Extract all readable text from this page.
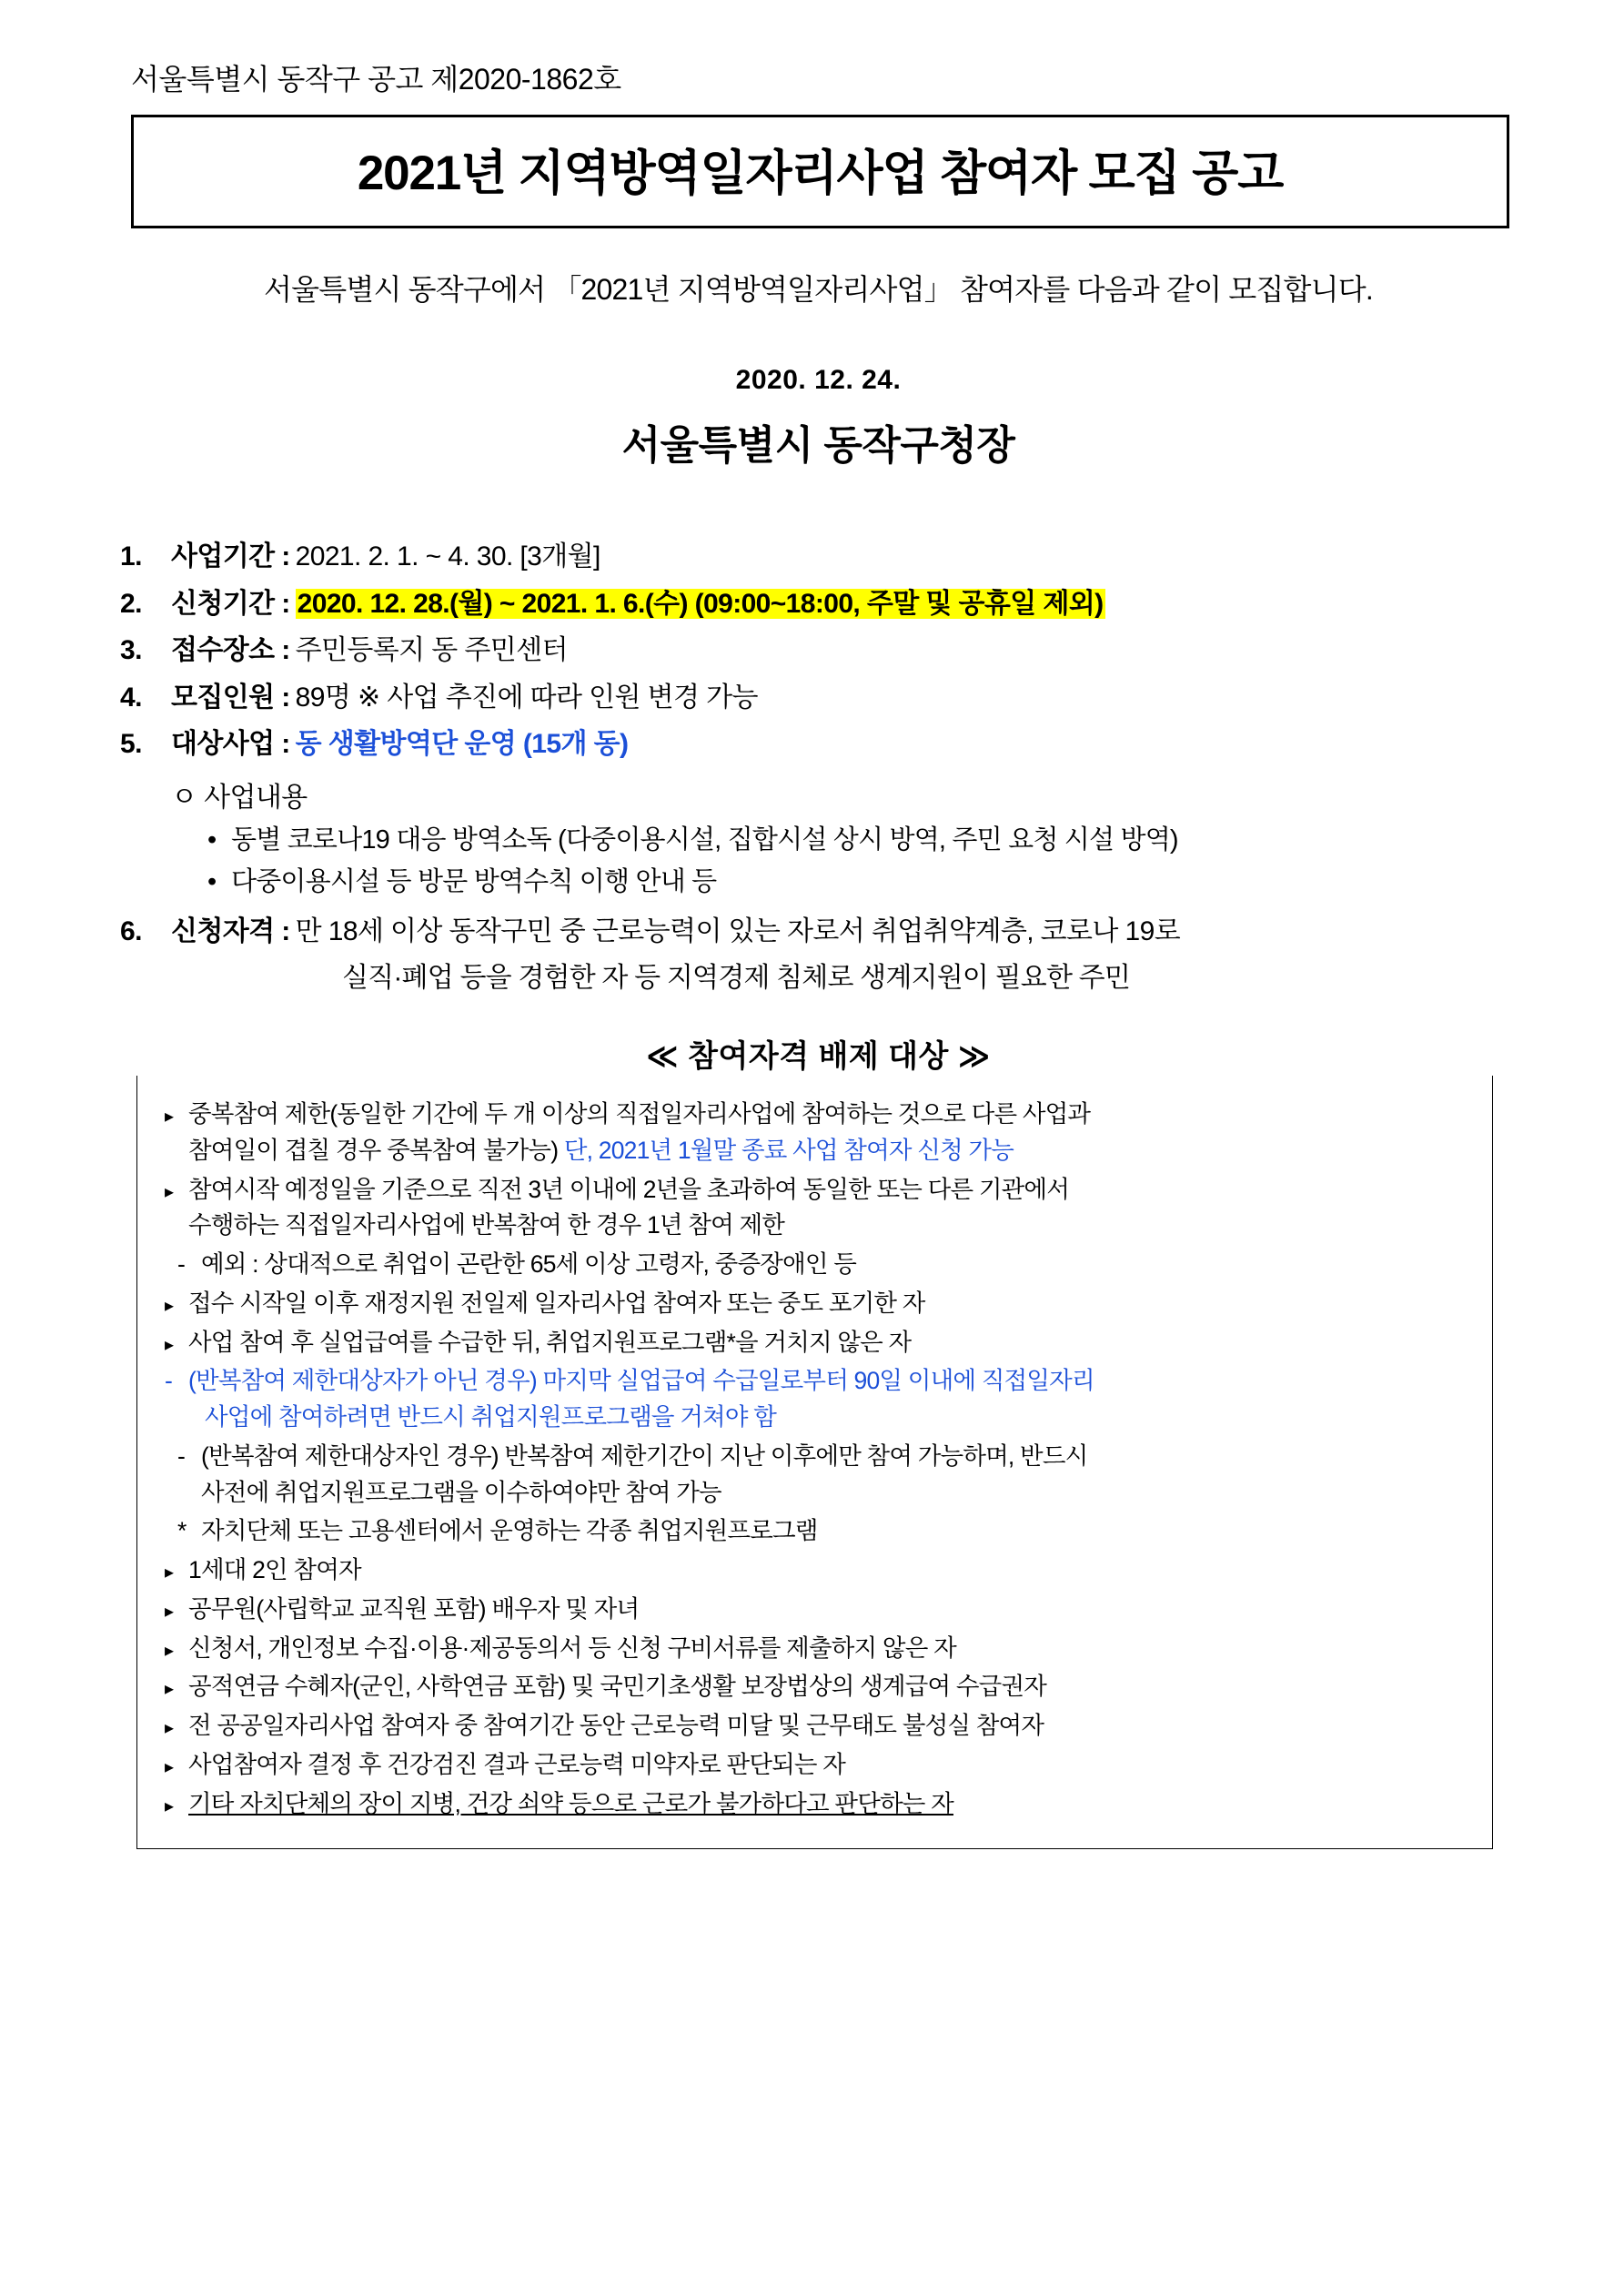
서울특별시 동작구 공고 제2020-1862호
2021년 지역방역일자리사업 참여자 모집 공고
서울특별시 동작구에서 「2021년 지역방역일자리사업」 참여자를 다음과 같이 모집합니다.
2020. 12. 24.
서울특별시 동작구청장
1.	사업기간 : 2021. 2. 1. ~ 4. 30. [3개월]
2.	신청기간 : 2020. 12. 28.(월) ~ 2021. 1. 6.(수) (09:00~18:00, 주말 및 공휴일 제외)
3.	접수장소 : 주민등록지 동 주민센터
4.	모집인원 : 89명 ※ 사업 추진에 따라 인원 변경 가능
5.	대상사업 : 동 생활방역단 운영 (15개 동)
ㅇ 사업내용
• 동별 코로나19 대응 방역소독 (다중이용시설, 집합시설 상시 방역, 주민 요청 시설 방역)
• 다중이용시설 등 방문 방역수칙 이행 안내 등
6.	신청자격 : 만 18세 이상 동작구민 중 근로능력이 있는 자로서 취업취약계층, 코로나 19로
실직·폐업 등을 경험한 자 등 지역경제 침체로 생계지원이 필요한 주민
≪ 참여자격 배제 대상 ≫
▸ 중복참여 제한(동일한 기간에 두 개 이상의 직접일자리사업에 참여하는 것으로 다른 사업과
참여일이 겹칠 경우 중복참여 불가능) 단, 2021년 1월말 종료 사업 참여자 신청 가능
▸ 참여시작 예정일을 기준으로 직전 3년 이내에 2년을 초과하여 동일한 또는 다른 기관에서
수행하는 직접일자리사업에 반복참여 한 경우 1년 참여 제한
- 예외 : 상대적으로 취업이 곤란한 65세 이상 고령자, 중증장애인 등
▸ 접수 시작일 이후 재정지원 전일제 일자리사업 참여자 또는 중도 포기한 자
▸ 사업 참여 후 실업급여를 수급한 뒤, 취업지원프로그램*을 거치지 않은 자
- (반복참여 제한대상자가 아닌 경우) 마지막 실업급여 수급일로부터 90일 이내에 직접일자리
사업에 참여하려면 반드시 취업지원프로그램을 거쳐야 함
- (반복참여 제한대상자인 경우) 반복참여 제한기간이 지난 이후에만 참여 가능하며, 반드시
사전에 취업지원프로그램을 이수하여야만 참여 가능
* 자치단체 또는 고용센터에서 운영하는 각종 취업지원프로그램
▸ 1세대 2인 참여자
▸ 공무원(사립학교 교직원 포함) 배우자 및 자녀
▸ 신청서, 개인정보 수집·이용·제공동의서 등 신청 구비서류를 제출하지 않은 자
▸ 공적연금 수혜자(군인, 사학연금 포함) 및 국민기초생활 보장법상의 생계급여 수급권자
▸ 전 공공일자리사업 참여자 중 참여기간 동안 근로능력 미달 및 근무태도 불성실 참여자
▸ 사업참여자 결정 후 건강검진 결과 근로능력 미약자로 판단되는 자
▸ 기타 자치단체의 장이 지병, 건강 쇠약 등으로 근로가 불가하다고 판단하는 자
